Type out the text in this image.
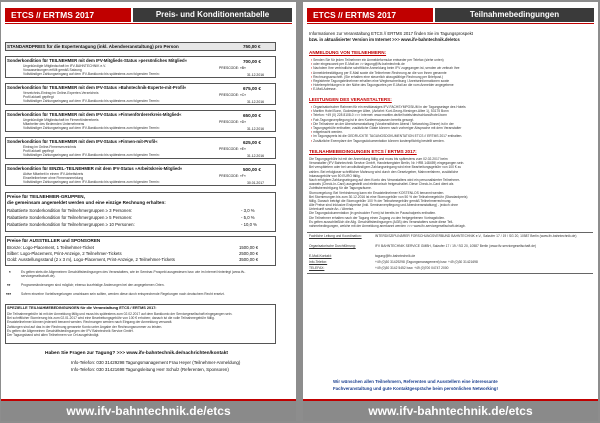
ETCS // ERTMS 2017	Preis- und Konditionentabelle
STANDARDPREIS für die Expertentagung (inkl. Abendveranstaltung) pro Person	750,00 €
Sonderkondition für TEILNEHMER mit dem IFV-Mitglieds-Status »persönliches Mitglied«	700,00 €
Ungekündigte Mitgliedschaft im IFV-BAHNTECHNIK e.V.
Voraussetzungen erfüllt gemäß Satzung
Vollständiger Zahlungseingang auf dem IFV-Bankkonto bis spätestens zum folgenden Termin:
PRESCODE: »B«
31.12.2016
Sonderkondition für TEILNEHMER mit dem IFV-Status »Bahntechnik-Experte-mit-Profil«	675,00 €
Verzeichnis-Eintrag im Online-Experten-Verzeichnis
Profil aktuell gepflegt
Vollständiger Zahlungseingang auf dem IFV-Bankkonto bis spätestens zum folgenden Termin:
PRESCODE: »C«
31.12.2016
Sonderkondition für TEILNEHMER mit dem IFV-Status »Firmenfördererkreis-Mitglied«	650,00 €
Ungekündigte Mitgliedschaft im Firmenfördererkreis
Mitarbeiter des fördernden Unternehmens
Vollständiger Zahlungseingang auf dem IFV-Bankkonto bis spätestens zum folgenden Termin:
PRESCODE: »D«
31.12.2016
Sonderkondition für TEILNEHMER mit dem IFV-Status »Firmen-mit-Profil«	625,00 €
Eintrag im Online-Firmenverzeichnis
Profil aktuell gepflegt
Vollständiger Zahlungseingang auf dem IFV-Bankkonto bis spätestens zum folgenden Termin:
PRESCODE: »E«
31.12.2016
Sonderkondition für EINZEL-TEILNEHMER mit dem IFV-Status »Arbeitskreis-Mitglied«	500,00 €
Aktive Mitarbeit in einem IFV-Arbeitskreis
Einzelteilnehmer ohne Firmenanmeldung
Vollständiger Zahlungseingang auf dem IFV-Bankkonto bis spätestens zum folgenden Termin:
PRESCODE: »F«
30.01.2017
Preise für TEILNEHMER-GRUPPEN,
die gemeinsam angemeldet werden und eine einzige Rechnung erhalten:
Rabattierte Sonderkondition für Teilnehmergruppen ≥ 3 Personen:	- 3,0 %
Rabattierte Sonderkondition für Teilnehmergruppen ≥ 5 Personen:	- 5,0 %
Rabattierte Sonderkondition für Teilnehmergruppen ≥ 10 Personen:	- 10,0 %
Preise für AUSSTELLER und SPONSOREN
Bronze: Logo-Placement, 1 Teilnehmer-Ticket	1500,00 €
Silber: Logo-Placement, Print-Anzeige, 2 Teilnehmer-Tickets	2500,00 €
Gold: Ausstellungsstand (2 x 3 m), Logo-Placement, Print-Anzeige, 2 Teilnehmer-Tickets	3500,00 €
*	Es gelten stets die Allgemeinen Geschäftsbedingungen des Veranstalters, wie im Seminar-Prospekt ausgewiesen bzw. wie im Internet hinterlegt (www.ifv-servicegesellschaft.de).
**	Programmänderungen sind möglich; ebenso kurzfristige Änderungen bei den angegebenen Orten.
***	Sofern einzelne Vorteilsregelungen unwirksam sein sollten, werden diese durch entsprechende Regelungen nach deutschem Recht ersetzt.
SPEZIELLE TEILNAHMEBEDINGUNGEN für die Veranstaltung ETCS / ERTMS 2017:
Die Teilnahmegebühr ist mit der Anmeldung fällig und muss bis spätestens zum 02.02.2017 auf dem Bankkonto der Servicegesellschaft eingegangen sein.
Bei schriftlicher Stornierung bis zum 02.01.2017 wird eine Bearbeitungsgebühr von 100 € erhoben; danach ist die volle Teilnahmegebühr fällig.
Ersatzteilnehmer können jederzeit benannt werden. Rechnungen werden nach Eingang der Anmeldung versandt.
Zahlungen sind auf das in der Rechnung genannte Konto unter Angabe der Rechnungsnummer zu leisten.
Es gelten die Allgemeinen Geschäftsbedingungen der IFV Bahntechnik Service GmbH.
Der Tagungsband wird allen Teilnehmern vor Ort ausgehändigt.
Haben Sie Fragen zur Tagung? >>> www.ifv-bahntechnik.de/nachrichten/kontakt
Info-Telefon: 030 31429298 Tagungsmanagement Frau Heyer (Teilnehmer-Anmeldung)
Info-Telefon: 030 31421698 Tagungsleitung Herr Schulz (Referenten, Sponsoren)
www.ifv-bahntechnik.de/etcs
ETCS // ERTMS 2017	Teilnahmebedingungen
Informationen zur Veranstaltung ETCS // ERTMS 2017 finden Sie im Tagungsprospekt
bzw. in aktualisierter Version im Internet >>> www.ifv-bahntechnik.de/etcs
ANMELDUNG VON TEILNEHMERN:
▪ Senden Sie für jeden Teilnehmer ein Anmeldeformular entweder per Telefax (siehe unten)
▪ oder eingescannt per E-Mail an >> tagung@ifv-bahntechnik.de
▪ Nachdem Ihre verbindliche schriftliche Anmeldung beim IFV zugegangen ist, senden wir zeitnah Ihre
▪ Anmeldebestätigung per E-Mail sowie die Teilnehmer-Rechnung an die von Ihnen genannte
▪ Rechnungsanschrift. (Sie erhalten eine steuerlich abzugsfähige Rechnung per Briefpost.)
▪ Registrierte Tagungsteilnehmer erhalten eine Wegbeschreibung / Anreiseinformationen sowie
▪ Hotelempfehlungen in der Nähe des Tagungsortes per E-Mail an die vom Anmelder angegebene
▪ E-Mail-Adresse.
LEISTUNGEN DES VERANSTALTERS:
▪ Organisatorischer Rahmen für ein erstklassiges IFV-FACHSYMPOSIUM in der Tagungsetage des Hotels
▪ Maritim Hotel Bonn, Godesberger Allee, (Anfahrt: Kurt-Georg-Kiesinger-Allee 1), 53175 Bonn
▪ Telefon: +49 (0) 228 8108-0 >>> Internet: www.maritim.de/de/hotels/deutschland/hotel-bonn
▪ Fair-Tagungsverpflegung ist in den Konferenzpausen bereits gesorgt.
▪ Die Teilnahme an der Abendveranstaltung (Vorabendlichen Abend / Networking-Dinner) ist in der
▪ Tagungsgebühr enthalten; zusätzliche Gäste können nach vorheriger Absprache mit dem Veranstalter
▪ mitgebracht werden.
▪ Im Tagungspreis ist die GEDRUCKTE TAGUNGSDOKUMENTATION ETCS // ERTMS 2017 enthalten.
▪ Zusätzliche Exemplare der Tagungsdokumentation können kostenpflichtig bestellt werden.
TEILNAHMEBEDINGUNGEN ETCS / ERTMS 2017:
Die Tagungsgebühr ist mit der Anmeldung fällig und muss bis spätestens zum 02.02.2017 beim
Veranstalter (IFV Bahntechnik Service GmbH, Handelsregister Berlin, Nr. HRB 148459) eingegangen sein.
Bei verspätetem oder bei unvollständigem Zahlungseingang wird eine Bearbeitungsgebühr von 100 € zu
zahlen. Bei erfolgloser schriftlicher Mahnung wird durch den Gesetzgeber, Mahnverfahren, zusätzliche
Inkassogebühr von 50 EURO fällig.
Nach erfolgtem Zahlungseingang auf dem Konto des Veranstalters wird ein personalisierter Teilnehmer-
ausweis (Check-In-Card) ausgestellt und elektronisch freigeschaltet. Diese Check-In-Card dient als
Zutrittsberechtigung für die Tagungsräume.
Stornoregelung: Bei Verhinderung kann ein Ersatzteilnehmer KOSTENLOS benannt werden.
Bei Stornierungen bis zum 30.12.2016 ist eine Stornogebühr von 50 % der Teilnahmegebühr (Standardpreis)
fällig. Danach beträgt die Stornogebühr 100 % der Teilnahmegebühr gemäß Teilnehmerrechnung.
Alle Preise sind Inklusive Endpreise (inkl. Seminarverpflegung und Abendveranstaltung) - jedoch ohne
Unterkunft sowie An- / Abreise.
Die Tagungsdokumentation (in gedruckter Form) ist bereits im Pauschalpreis enthalten.
Die Teilnehmer erhalten nach der Tagung einen Zugang zu den freigegebenen Vortragsfolien.
Es gelten ausschließlich die Allg. Geschäftsbedingungen (AGB) des Veranstalters sowie diese Teil-
nahmebedingungen, welche mit der Anmeldung anerkannt werden >>> www.ifv-servicegesellschaft.de/agb.
Fachliche Leitung und Koordination:	INTERDISZIPLINÄRER FORSCHUNGSVERBUND BAHNTECHNIK e.V., Salzufer 17 / 19 / SG 20, 10587 Berlin (www.ifv-bahntechnik.de)
Organisatorische Durchführung:	IFV BAHNTECHNIK SERVICE GMBH, Salzufer 17 / 19 / SG 20, 10587 Berlin (www.ifv-servicegesellschaft.de)
E-Mail-Kontakt:	tagung@ifv-bahntechnik.de
Info-Telefon:	+49 (0)30 31429298 (Tagungsmanagement) bzw. +49 (0)30 31421698
TELEFAX:	+49 (0)30 3142 5452 bzw. +49 (0)700 04747 2000
Wir wünschen allen Teilnehmern, Referenten und Ausstellern eine interessante
Fachveranstaltung und gute Kontaktgespräche beim persönlichen Networking!
www.ifv-bahntechnik.de/etcs
